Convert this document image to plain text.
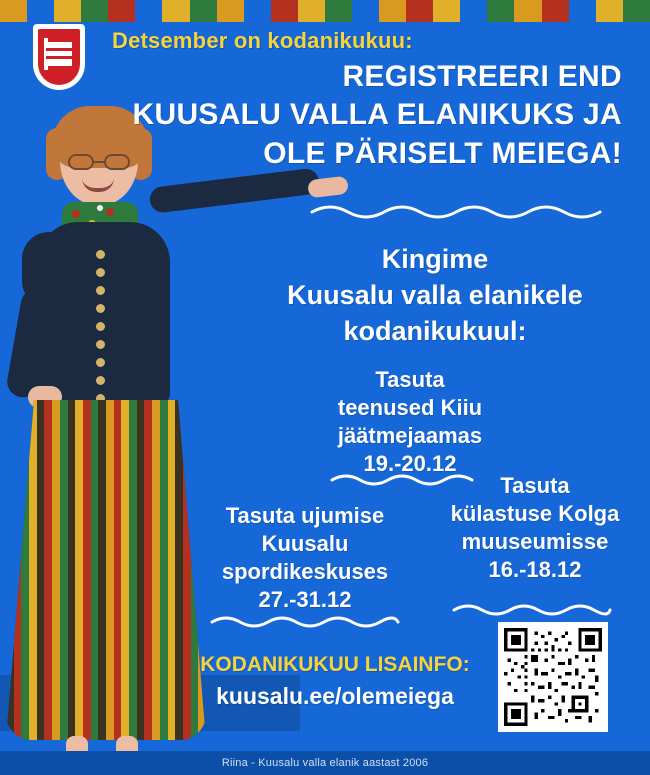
Detsember on kodanikukuu:
REGISTREERI END
KUUSALU VALLA ELANIKUKS JA
OLE PÄRISELT MEIEGA!
Kingime
Kuusalu valla elanikele
kodanikukuul:
Tasuta
teenused Kiiu
jäätmejaamas
19.-20.12
Tasuta
külastuse Kolga
muuseumisse
16.-18.12
Tasuta ujumise
Kuusalu
spordikeskuses
27.-31.12
KODANIKUKUU LISAINFO:
kuusalu.ee/olemeiega
Riina - Kuusalu valla elanik aastast 2006
